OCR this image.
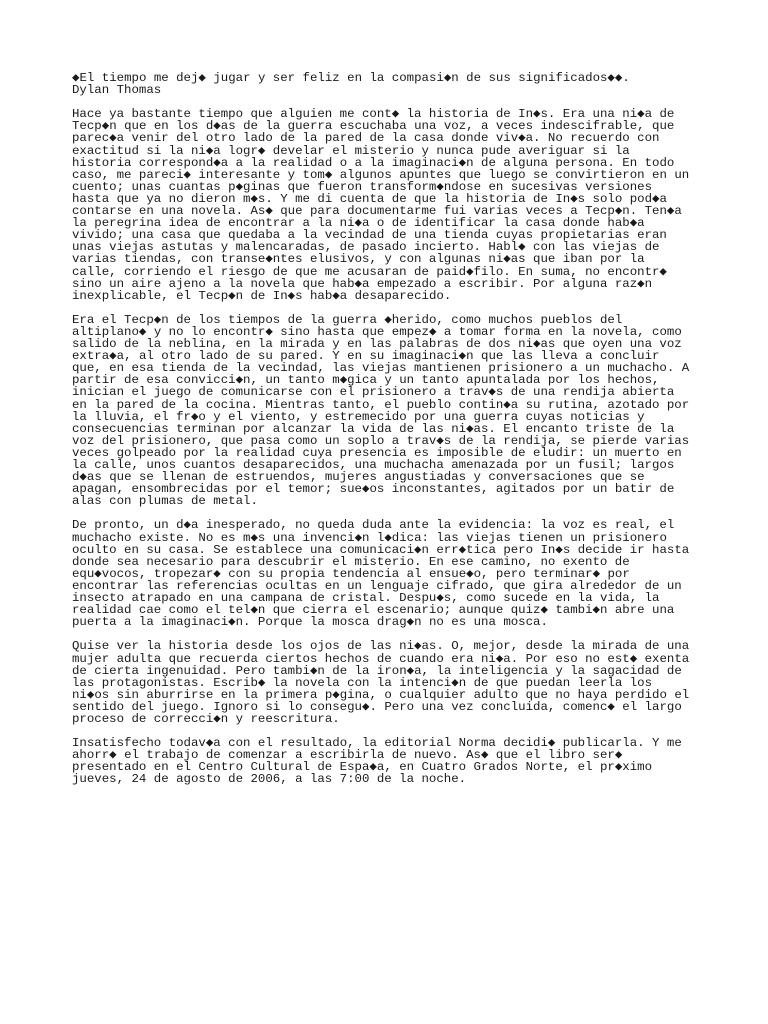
◆El tiempo me dej◆ jugar y ser feliz en la compasi◆n de sus significados◆◆.
Dylan Thomas
Hace ya bastante tiempo que alguien me cont◆ la historia de In◆s. Era una ni◆a de
Tecp◆n que en los d◆as de la guerra escuchaba una voz, a veces indescifrable, que
parec◆a venir del otro lado de la pared de la casa donde viv◆a. No recuerdo con
exactitud si la ni◆a logr◆ develar el misterio y nunca pude averiguar si la
historia correspond◆a a la realidad o a la imaginaci◆n de alguna persona. En todo
caso, me pareci◆ interesante y tom◆ algunos apuntes que luego se convirtieron en un
cuento; unas cuantas p◆ginas que fueron transform◆ndose en sucesivas versiones
hasta que ya no dieron m◆s. Y me di cuenta de que la historia de In◆s solo pod◆a
contarse en una novela. As◆ que para documentarme fui varias veces a Tecp◆n. Ten◆a
la peregrina idea de encontrar a la ni◆a o de identificar la casa donde hab◆a
vivido; una casa que quedaba a la vecindad de una tienda cuyas propietarias eran
unas viejas astutas y malencaradas, de pasado incierto. Habl◆ con las viejas de
varias tiendas, con transe◆ntes elusivos, y con algunas ni◆as que iban por la
calle, corriendo el riesgo de que me acusaran de paid◆filo. En suma, no encontr◆
sino un aire ajeno a la novela que hab◆a empezado a escribir. Por alguna raz◆n
inexplicable, el Tecp◆n de In◆s hab◆a desaparecido.
Era el Tecp◆n de los tiempos de la guerra ◆herido, como muchos pueblos del
altiplano◆ y no lo encontr◆ sino hasta que empez◆ a tomar forma en la novela, como
salido de la neblina, en la mirada y en las palabras de dos ni◆as que oyen una voz
extra◆a, al otro lado de su pared. Y en su imaginaci◆n que las lleva a concluir
que, en esa tienda de la vecindad, las viejas mantienen prisionero a un muchacho. A
partir de esa convicci◆n, un tanto m◆gica y un tanto apuntalada por los hechos,
inician el juego de comunicarse con el prisionero a trav◆s de una rendija abierta
en la pared de la cocina. Mientras tanto, el pueblo contin◆a su rutina, azotado por
la lluvia, el fr◆o y el viento, y estremecido por una guerra cuyas noticias y
consecuencias terminan por alcanzar la vida de las ni◆as. El encanto triste de la
voz del prisionero, que pasa como un soplo a trav◆s de la rendija, se pierde varias
veces golpeado por la realidad cuya presencia es imposible de eludir: un muerto en
la calle, unos cuantos desaparecidos, una muchacha amenazada por un fusil; largos
d◆as que se llenan de estruendos, mujeres angustiadas y conversaciones que se
apagan, ensombrecidas por el temor; sue◆os inconstantes, agitados por un batir de
alas con plumas de metal.
De pronto, un d◆a inesperado, no queda duda ante la evidencia: la voz es real, el
muchacho existe. No es m◆s una invenci◆n l◆dica: las viejas tienen un prisionero
oculto en su casa. Se establece una comunicaci◆n err◆tica pero In◆s decide ir hasta
donde sea necesario para descubrir el misterio. En ese camino, no exento de
equ◆vocos, tropezar◆ con su propia tendencia al ensue◆o, pero terminar◆ por
encontrar las referencias ocultas en un lenguaje cifrado, que gira alrededor de un
insecto atrapado en una campana de cristal. Despu◆s, como sucede en la vida, la
realidad cae como el tel◆n que cierra el escenario; aunque quiz◆ tambi◆n abre una
puerta a la imaginaci◆n. Porque la mosca drag◆n no es una mosca.
Quise ver la historia desde los ojos de las ni◆as. O, mejor, desde la mirada de una
mujer adulta que recuerda ciertos hechos de cuando era ni◆a. Por eso no est◆ exenta
de cierta ingenuidad. Pero tambi◆n de la iron◆a, la inteligencia y la sagacidad de
las protagonistas. Escrib◆ la novela con la intenci◆n de que puedan leerla los
ni◆os sin aburrirse en la primera p◆gina, o cualquier adulto que no haya perdido el
sentido del juego. Ignoro si lo consegu◆. Pero una vez concluida, comenc◆ el largo
proceso de correcci◆n y reescritura.
Insatisfecho todav◆a con el resultado, la editorial Norma decidi◆ publicarla. Y me
ahorr◆ el trabajo de comenzar a escribirla de nuevo. As◆ que el libro ser◆
presentado en el Centro Cultural de Espa◆a, en Cuatro Grados Norte, el pr◆ximo
jueves, 24 de agosto de 2006, a las 7:00 de la noche.
